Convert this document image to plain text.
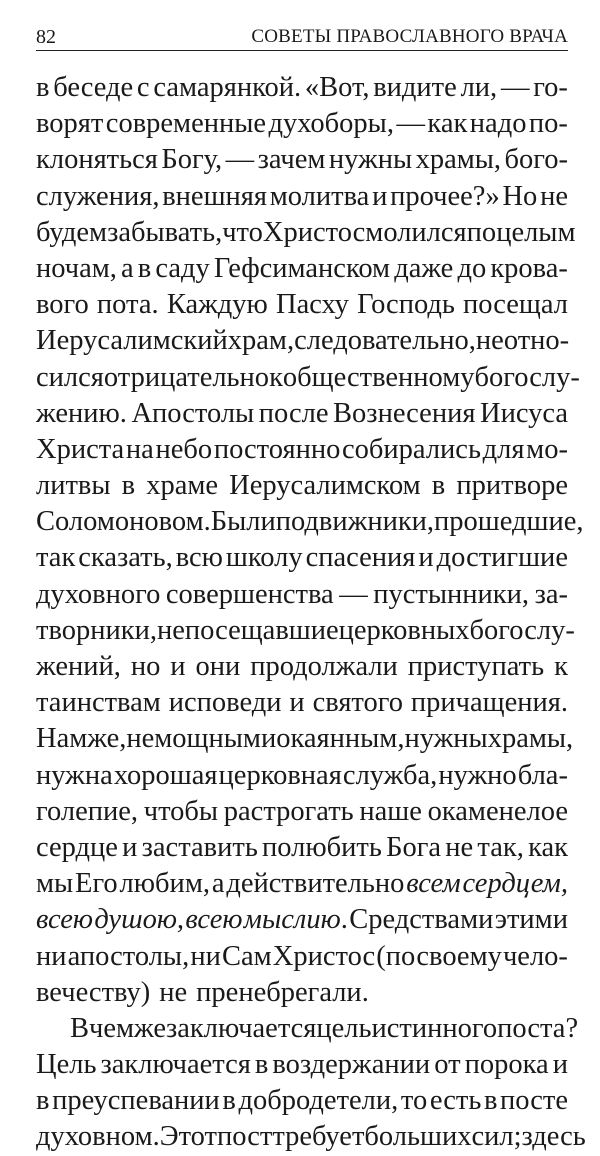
82	СОВЕТЫ ПРАВОСЛАВНОГО ВРАЧА
в беседе с самарянкой. «Вот, видите ли, — го-
ворят современные духоборы, — как надо по-
клоняться Богу, — зачем нужны храмы, бого-
служения, внешняя молитва и прочее?» Но не
будем забывать, что Христос молился по целым
ночам, а в саду Гефсиманском даже до крова-
вого пота. Каждую Пасху Господь посещал
Иерусалимский храм, следовательно, не отно-
сился отрицательно к общественному богослу-
жению. Апостолы после Вознесения Иисуса
Христа на небо постоянно собирались для мо-
литвы в храме Иерусалимском в притворе
Соломоновом. Были подвижники, прошедшие,
так сказать, всю школу спасения и достигшие
духовного совершенства — пустынники, за-
творники, не посещавшие церковных богослу-
жений, но и они продолжали приступать к
таинствам исповеди и святого причащения.
Нам же, немощным и окаянным, нужны храмы,
нужна хорошая церковная служба, нужно бла-
голепие, чтобы растрогать наше окаменелое
сердце и заставить полюбить Бога не так, как
мы Его любим, а действительно всем сердцем,
всею душою, всею мыслию. Средствами этими
ни апостолы, ни Сам Христос (по своему чело-
вечеству) не пренебрегали.
В чем же заключается цель истинного поста?
Цель заключается в воздержании от порока и
в преуспевании в добродетели, то есть в посте
духовном. Этот пост требует больших сил; здесь
